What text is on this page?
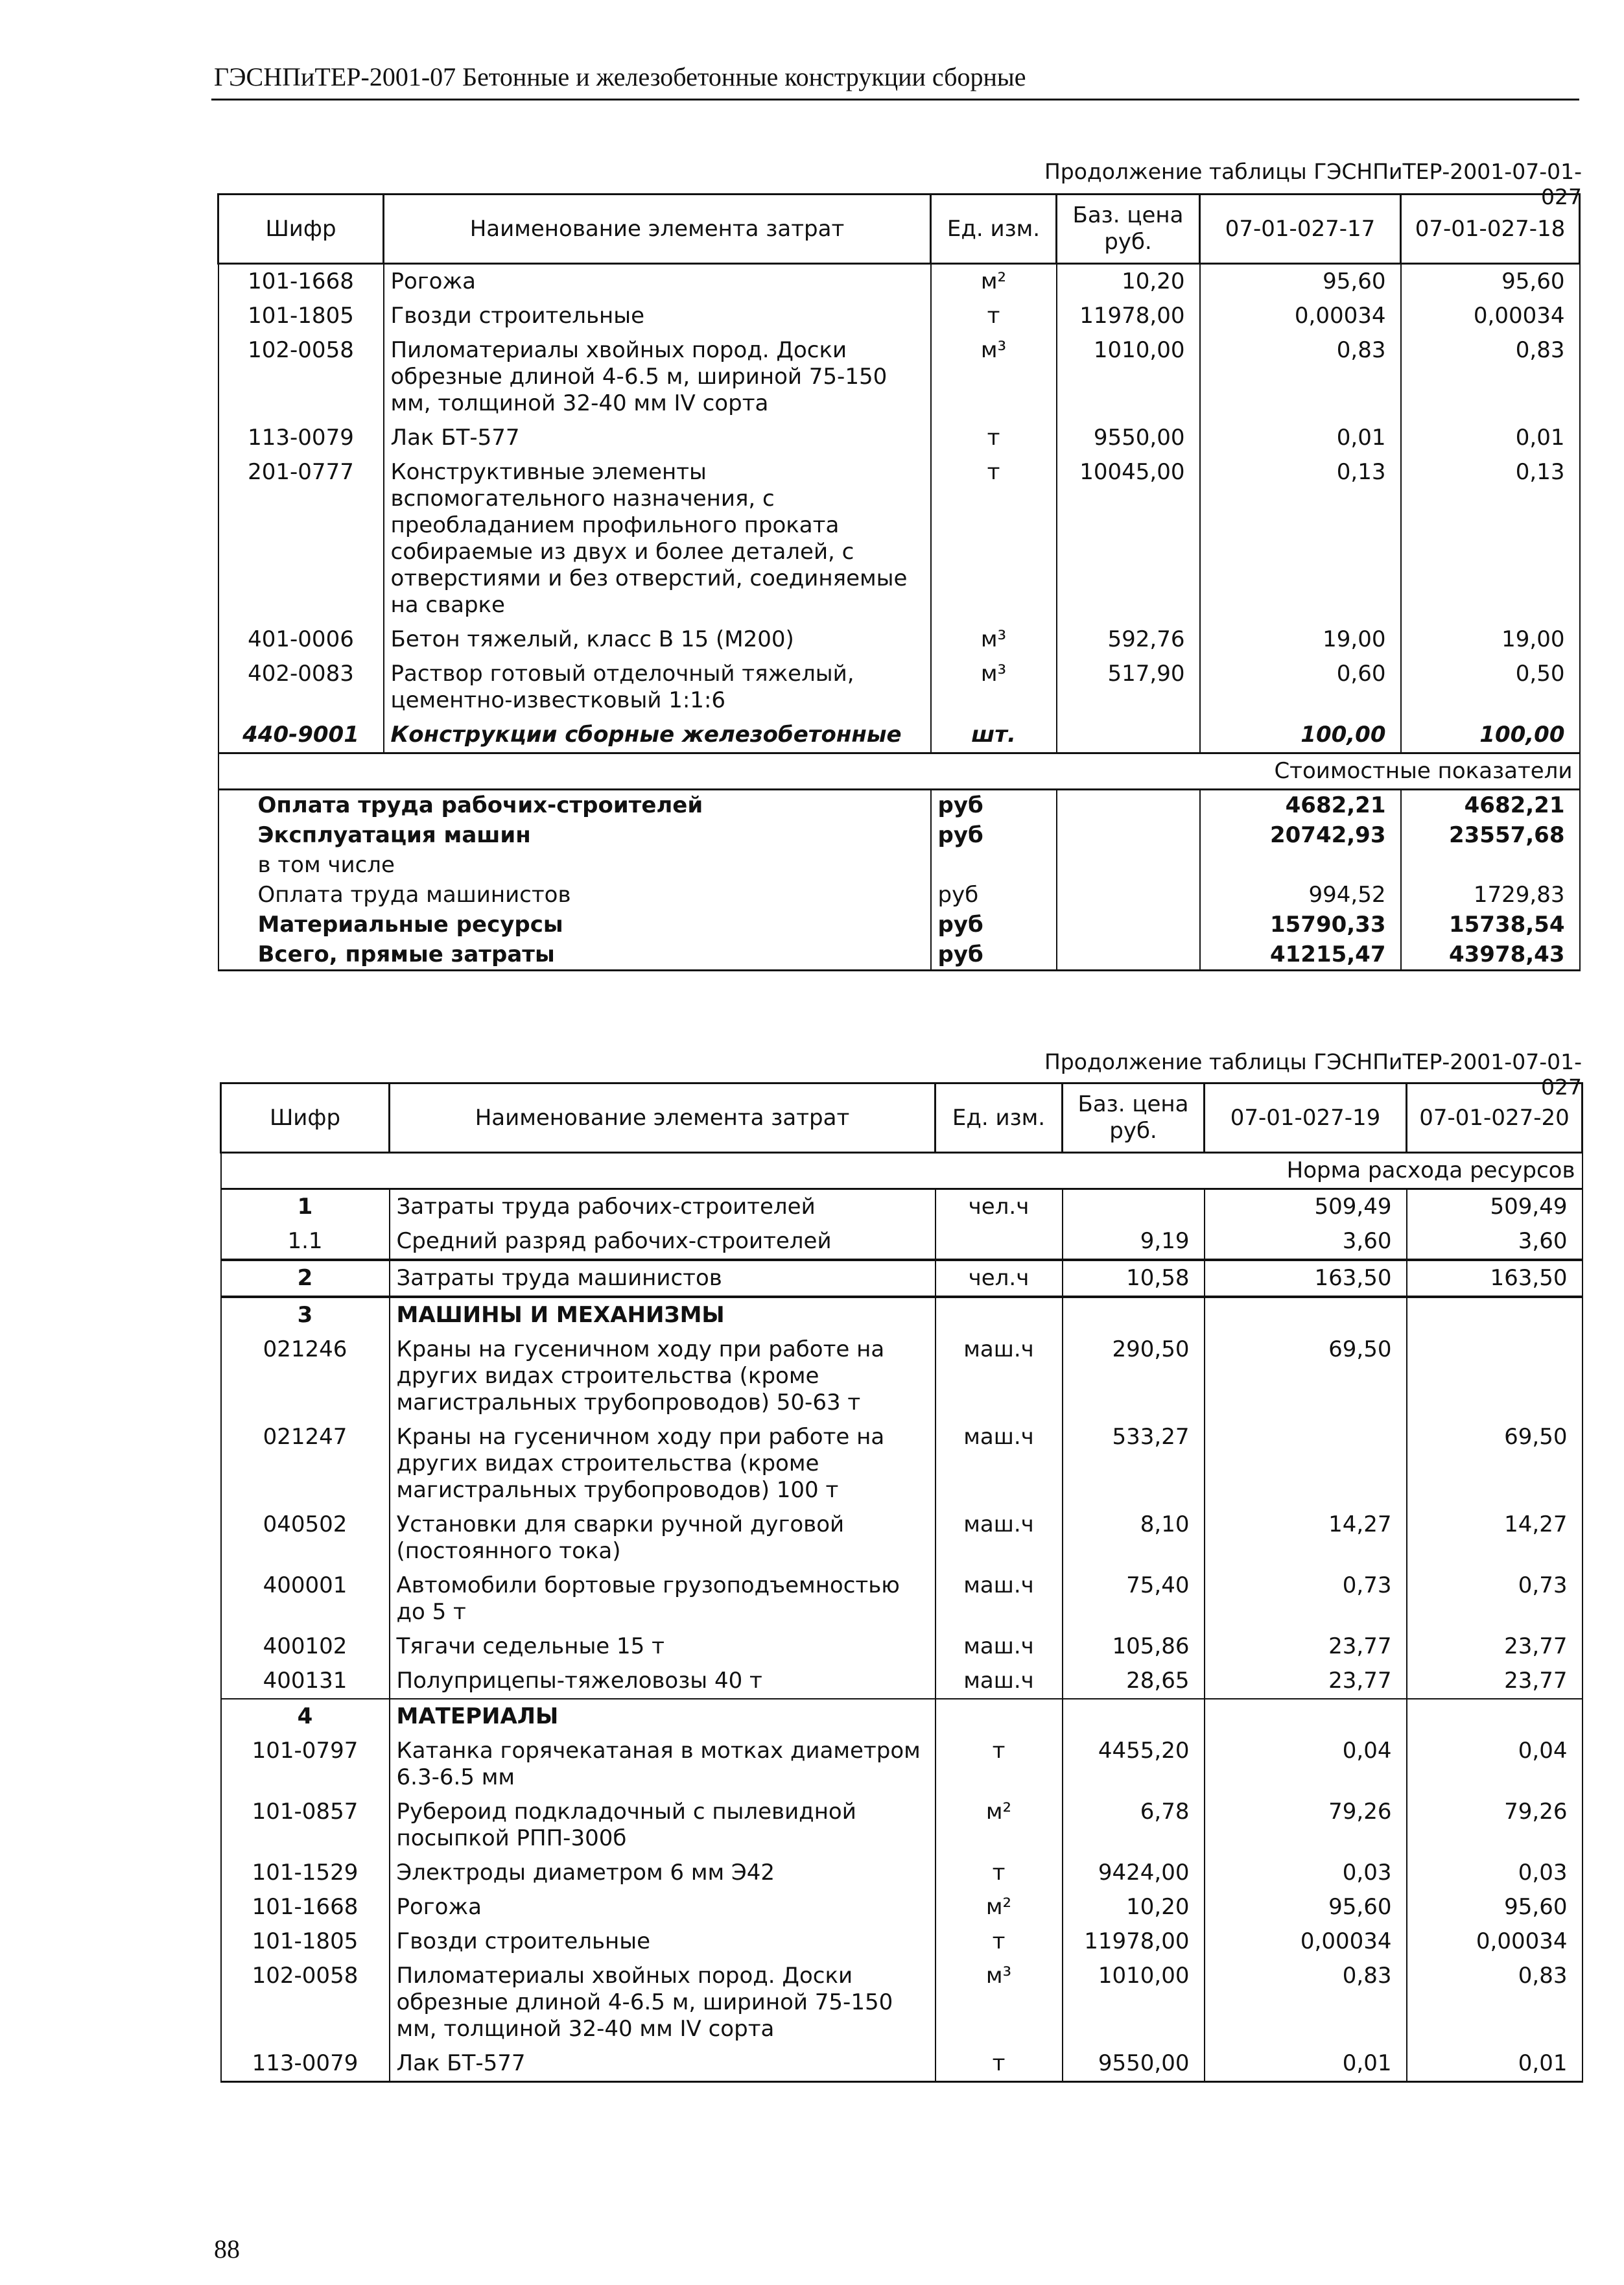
ГЭСНПиТЕР-2001-07 Бетонные и железобетонные конструкции сборные
Продолжение таблицы ГЭСНПиТЕР-2001-07-01-027
Шифр	Наименование элемента затрат	Ед. изм.	Баз. цена руб.	07-01-027-17	07-01-027-18
101-1668	Рогожа	м²	10,20	95,60	95,60
101-1805	Гвозди строительные	т	11978,00	0,00034	0,00034
102-0058	Пиломатериалы хвойных пород. Доски обрезные длиной 4-6.5 м, шириной 75-150 мм, толщиной 32-40 мм IV сорта	м³	1010,00	0,83	0,83
113-0079	Лак БТ-577	т	9550,00	0,01	0,01
201-0777	Конструктивные элементы вспомогательного назначения, с преобладанием профильного проката собираемые из двух и более деталей, с отверстиями и без отверстий, соединяемые на сварке	т	10045,00	0,13	0,13
401-0006	Бетон тяжелый, класс В 15 (М200)	м³	592,76	19,00	19,00
402-0083	Раствор готовый отделочный тяжелый, цементно-известковый 1:1:6	м³	517,90	0,60	0,50
440-9001	Конструкции сборные железобетонные	шт.		100,00	100,00
Стоимостные показатели					
Оплата труда рабочих-строителей		руб		4682,21	4682,21
Эксплуатация машин		руб		20742,93	23557,68
в том числе					
Оплата труда машинистов		руб		994,52	1729,83
Материальные ресурсы		руб		15790,33	15738,54
Всего, прямые затраты		руб		41215,47	43978,43
Продолжение таблицы ГЭСНПиТЕР-2001-07-01-027
Шифр	Наименование элемента затрат	Ед. изм.	Баз. цена руб.	07-01-027-19	07-01-027-20
Норма расхода ресурсов					
1	Затраты труда рабочих-строителей	чел.ч		509,49	509,49
1.1	Средний разряд рабочих-строителей		9,19	3,60	3,60
2	Затраты труда машинистов	чел.ч	10,58	163,50	163,50
3	МАШИНЫ И МЕХАНИЗМЫ				
021246	Краны на гусеничном ходу при работе на других видах строительства (кроме магистральных трубопроводов) 50-63 т	маш.ч	290,50	69,50	
021247	Краны на гусеничном ходу при работе на других видах строительства (кроме магистральных трубопроводов) 100 т	маш.ч	533,27		69,50
040502	Установки для сварки ручной дуговой (постоянного тока)	маш.ч	8,10	14,27	14,27
400001	Автомобили бортовые грузоподъемностью до 5 т	маш.ч	75,40	0,73	0,73
400102	Тягачи седельные 15 т	маш.ч	105,86	23,77	23,77
400131	Полуприцепы-тяжеловозы 40 т	маш.ч	28,65	23,77	23,77
4	МАТЕРИАЛЫ				
101-0797	Катанка горячекатаная в мотках диаметром 6.3-6.5 мм	т	4455,20	0,04	0,04
101-0857	Рубероид подкладочный с пылевидной посыпкой РПП-300б	м²	6,78	79,26	79,26
101-1529	Электроды диаметром 6 мм Э42	т	9424,00	0,03	0,03
101-1668	Рогожа	м²	10,20	95,60	95,60
101-1805	Гвозди строительные	т	11978,00	0,00034	0,00034
102-0058	Пиломатериалы хвойных пород. Доски обрезные длиной 4-6.5 м, шириной 75-150 мм, толщиной 32-40 мм IV сорта	м³	1010,00	0,83	0,83
113-0079	Лак БТ-577	т	9550,00	0,01	0,01
88
